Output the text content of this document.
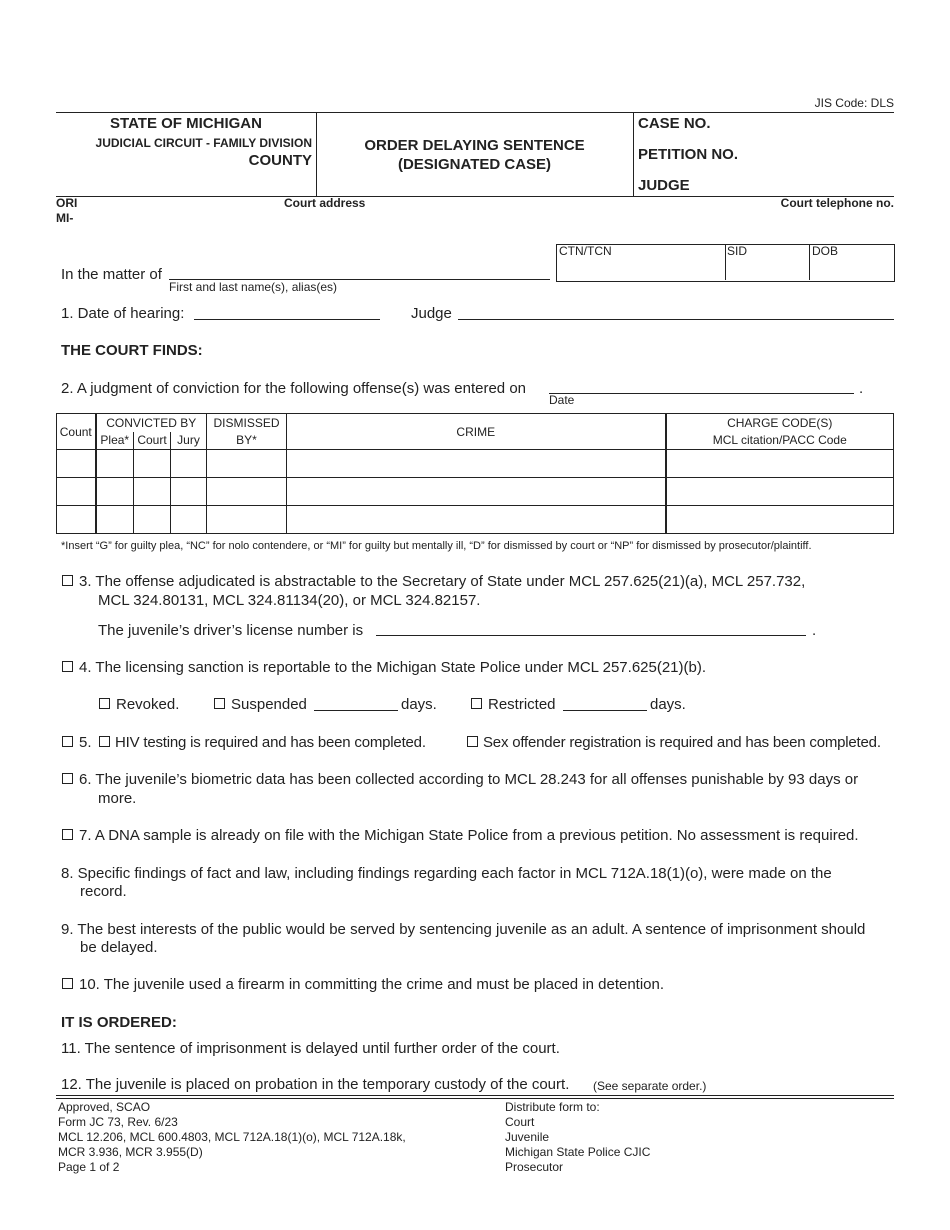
JIS Code: DLS
STATE OF MICHIGAN
JUDICIAL CIRCUIT - FAMILY DIVISION
COUNTY
ORDER DELAYING SENTENCE
(DESIGNATED CASE)
CASE NO.
PETITION NO.
JUDGE
ORI
MI-
Court address	Court telephone no.
In the matter of
First and last name(s), alias(es)
CTN/TCN	SID	DOB
1. Date of hearing:	Judge
THE COURT FINDS:
2. A judgment of conviction for the following offense(s) was entered on	.
Date
Count	CONVICTED BY			DISMISSED	CRIME	CHARGE CODE(S)
	Plea*	Court	Jury	BY*		MCL citation/PACC Code

*Insert “G” for guilty plea, “NC” for nolo contendere, or “MI” for guilty but mentally ill, “D” for dismissed by court or “NP” for dismissed by prosecutor/plaintiff.
3. The offense adjudicated is abstractable to the Secretary of State under MCL 257.625(21)(a), MCL 257.732,
MCL 324.80131, MCL 324.81134(20), or MCL 324.82157.
The juvenile’s driver’s license number is	.
4. The licensing sanction is reportable to the Michigan State Police under MCL 257.625(21)(b).
Revoked.	Suspended	days.	Restricted	days.
5. HIV testing is required and has been completed.	Sex offender registration is required and has been completed.
6. The juvenile’s biometric data has been collected according to MCL 28.243 for all offenses punishable by 93 days or
more.
7. A DNA sample is already on file with the Michigan State Police from a previous petition. No assessment is required.
8. Specific findings of fact and law, including findings regarding each factor in MCL 712A.18(1)(o), were made on the
record.
9. The best interests of the public would be served by sentencing juvenile as an adult. A sentence of imprisonment should
be delayed.
10. The juvenile used a firearm in committing the crime and must be placed in detention.
IT IS ORDERED:
11. The sentence of imprisonment is delayed until further order of the court.
12. The juvenile is placed on probation in the temporary custody of the court. (See separate order.)
Approved, SCAO
Form JC 73, Rev. 6/23
MCL 12.206, MCL 600.4803, MCL 712A.18(1)(o), MCL 712A.18k,
MCR 3.936, MCR 3.955(D)
Page 1 of 2
Distribute form to:
Court
Juvenile
Michigan State Police CJIC
Prosecutor
